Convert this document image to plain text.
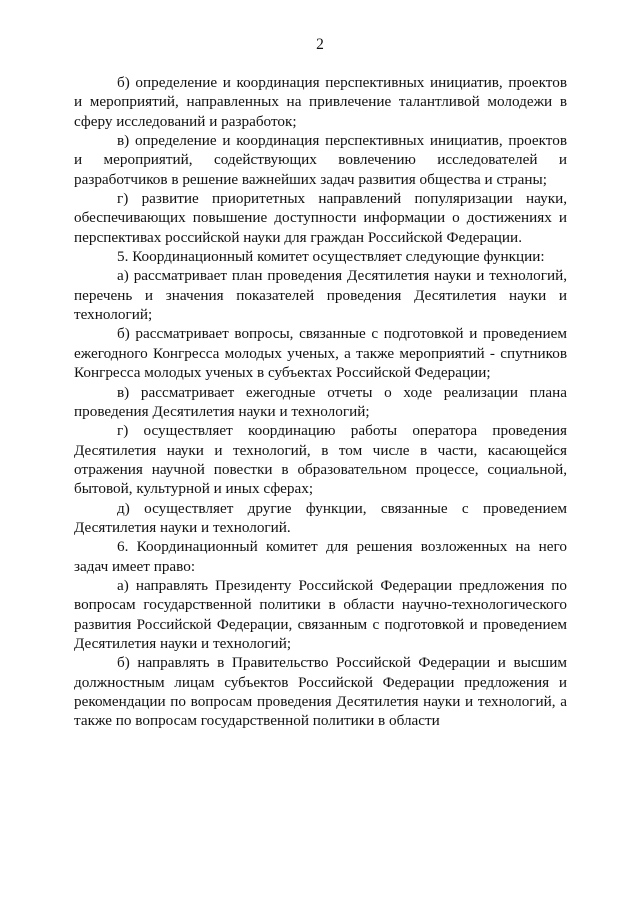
2

б) определение и координация перспективных инициатив, проектов и мероприятий, направленных на привлечение талантливой молодежи в сферу исследований и разработок;

в) определение и координация перспективных инициатив, проектов и мероприятий, содействующих вовлечению исследователей и разработчиков в решение важнейших задач развития общества и страны;

г) развитие приоритетных направлений популяризации науки, обеспечивающих повышение доступности информации о достижениях и перспективах российской науки для граждан Российской Федерации.

5. Координационный комитет осуществляет следующие функции:

а) рассматривает план проведения Десятилетия науки и технологий, перечень и значения показателей проведения Десятилетия науки и технологий;

б) рассматривает вопросы, связанные с подготовкой и проведением ежегодного Конгресса молодых ученых, а также мероприятий - спутников Конгресса молодых ученых в субъектах Российской Федерации;

в) рассматривает ежегодные отчеты о ходе реализации плана проведения Десятилетия науки и технологий;

г) осуществляет координацию работы оператора проведения Десятилетия науки и технологий, в том числе в части, касающейся отражения научной повестки в образовательном процессе, социальной, бытовой, культурной и иных сферах;

д) осуществляет другие функции, связанные с проведением Десятилетия науки и технологий.

6. Координационный комитет для решения возложенных на него задач имеет право:

а) направлять Президенту Российской Федерации предложения по вопросам государственной политики в области научно-технологического развития Российской Федерации, связанным с подготовкой и проведением Десятилетия науки и технологий;

б) направлять в Правительство Российской Федерации и высшим должностным лицам субъектов Российской Федерации предложения и рекомендации по вопросам проведения Десятилетия науки и технологий, а также по вопросам государственной политики в области
